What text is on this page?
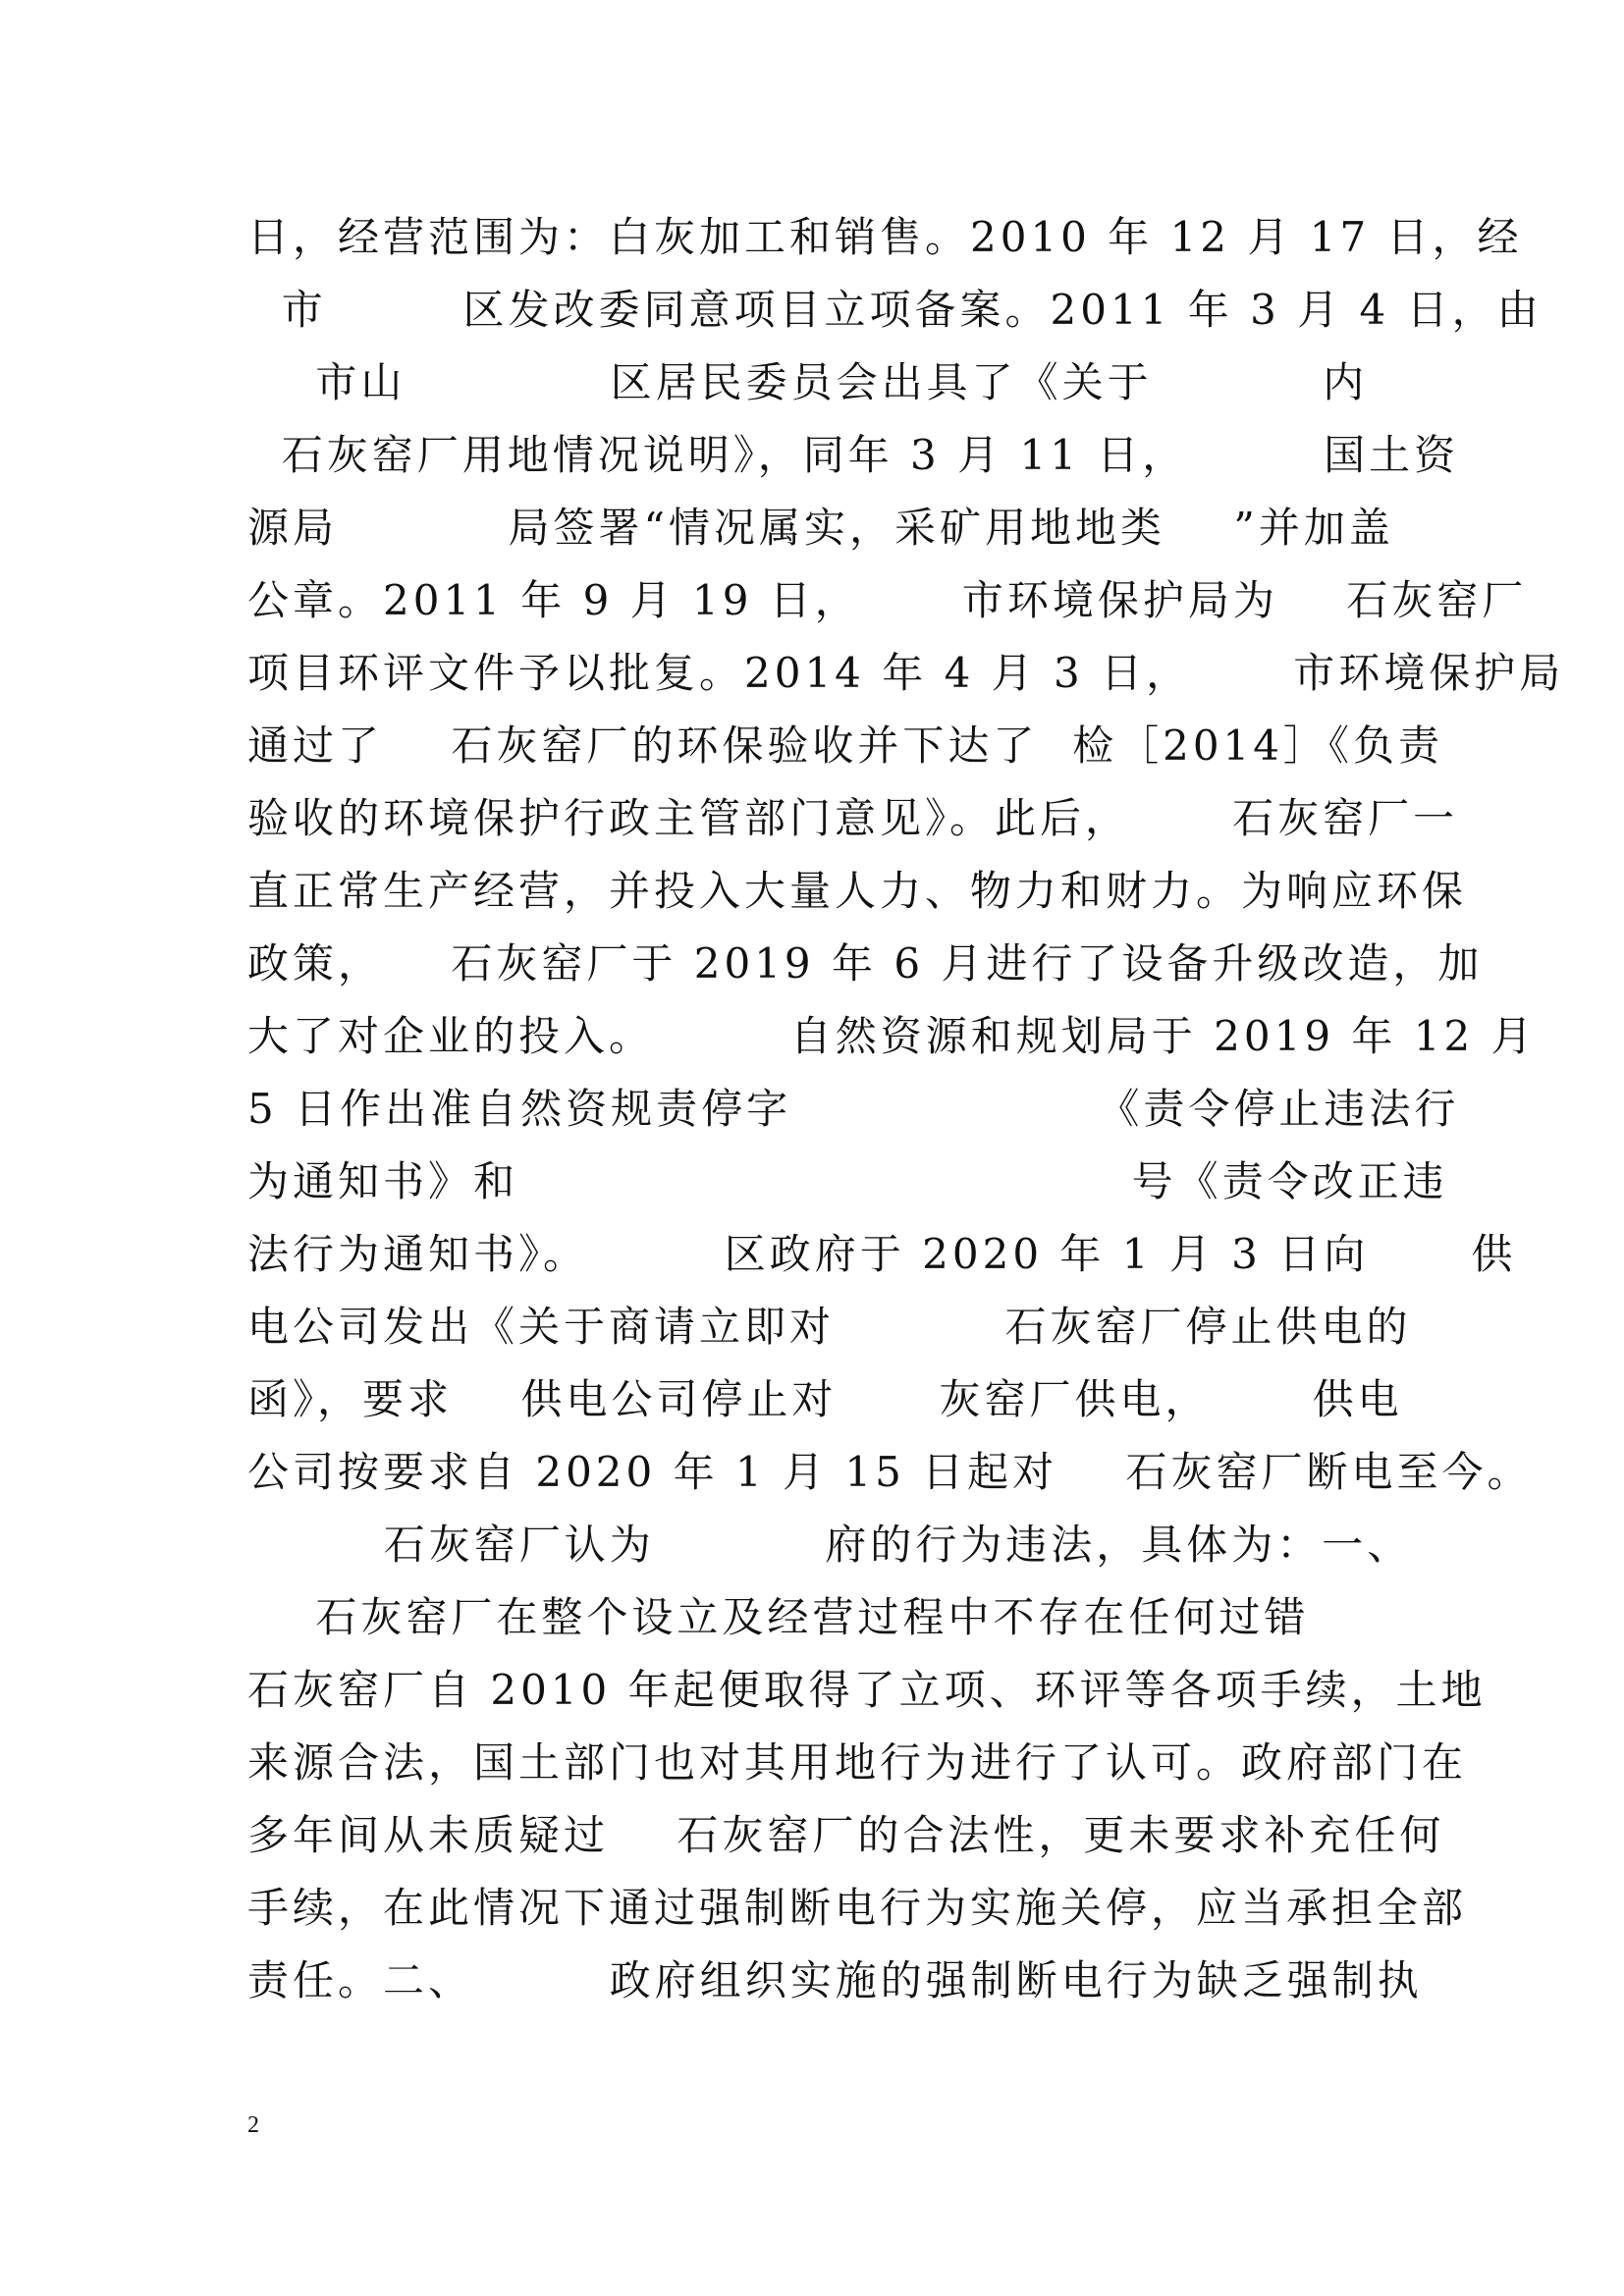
日，经营范围为：白灰加工和销售。2010 年 12 月 17 日，经
市        区发改委同意项目立项备案。2011 年 3 月 4 日，由
市山            区居民委员会出具了《关于          内
石灰窑厂用地情况说明》，同年 3 月 11 日，        国土资
源局          局签署“情况属实，采矿用地地类    ”并加盖
公章。2011 年 9 月 19 日，      市环境保护局为    石灰窑厂
项目环评文件予以批复。2014 年 4 月 3 日，      市环境保护局
通过了    石灰窑厂的环保验收并下达了  检［2014］《负责
验收的环境保护行政主管部门意见》。此后，      石灰窑厂一
直正常生产经营，并投入大量人力、物力和财力。为响应环保
政策，    石灰窑厂于 2019 年 6 月进行了设备升级改造，加
大了对企业的投入。        自然资源和规划局于 2019 年 12 月
5 日作出准自然资规责停字                  《责令停止违法行
为通知书》和                                    号《责令改正违
法行为通知书》。        区政府于 2020 年 1 月 3 日向      供
电公司发出《关于商请立即对          石灰窑厂停止供电的
函》，要求    供电公司停止对      灰窑厂供电，      供电
公司按要求自 2020 年 1 月 15 日起对    石灰窑厂断电至今。
石灰窑厂认为          府的行为违法，具体为：一、
石灰窑厂在整个设立及经营过程中不存在任何过错
石灰窑厂自 2010 年起便取得了立项、环评等各项手续，土地
来源合法，国土部门也对其用地行为进行了认可。政府部门在
多年间从未质疑过    石灰窑厂的合法性，更未要求补充任何
手续，在此情况下通过强制断电行为实施关停，应当承担全部
责任。二、        政府组织实施的强制断电行为缺乏强制执
2
